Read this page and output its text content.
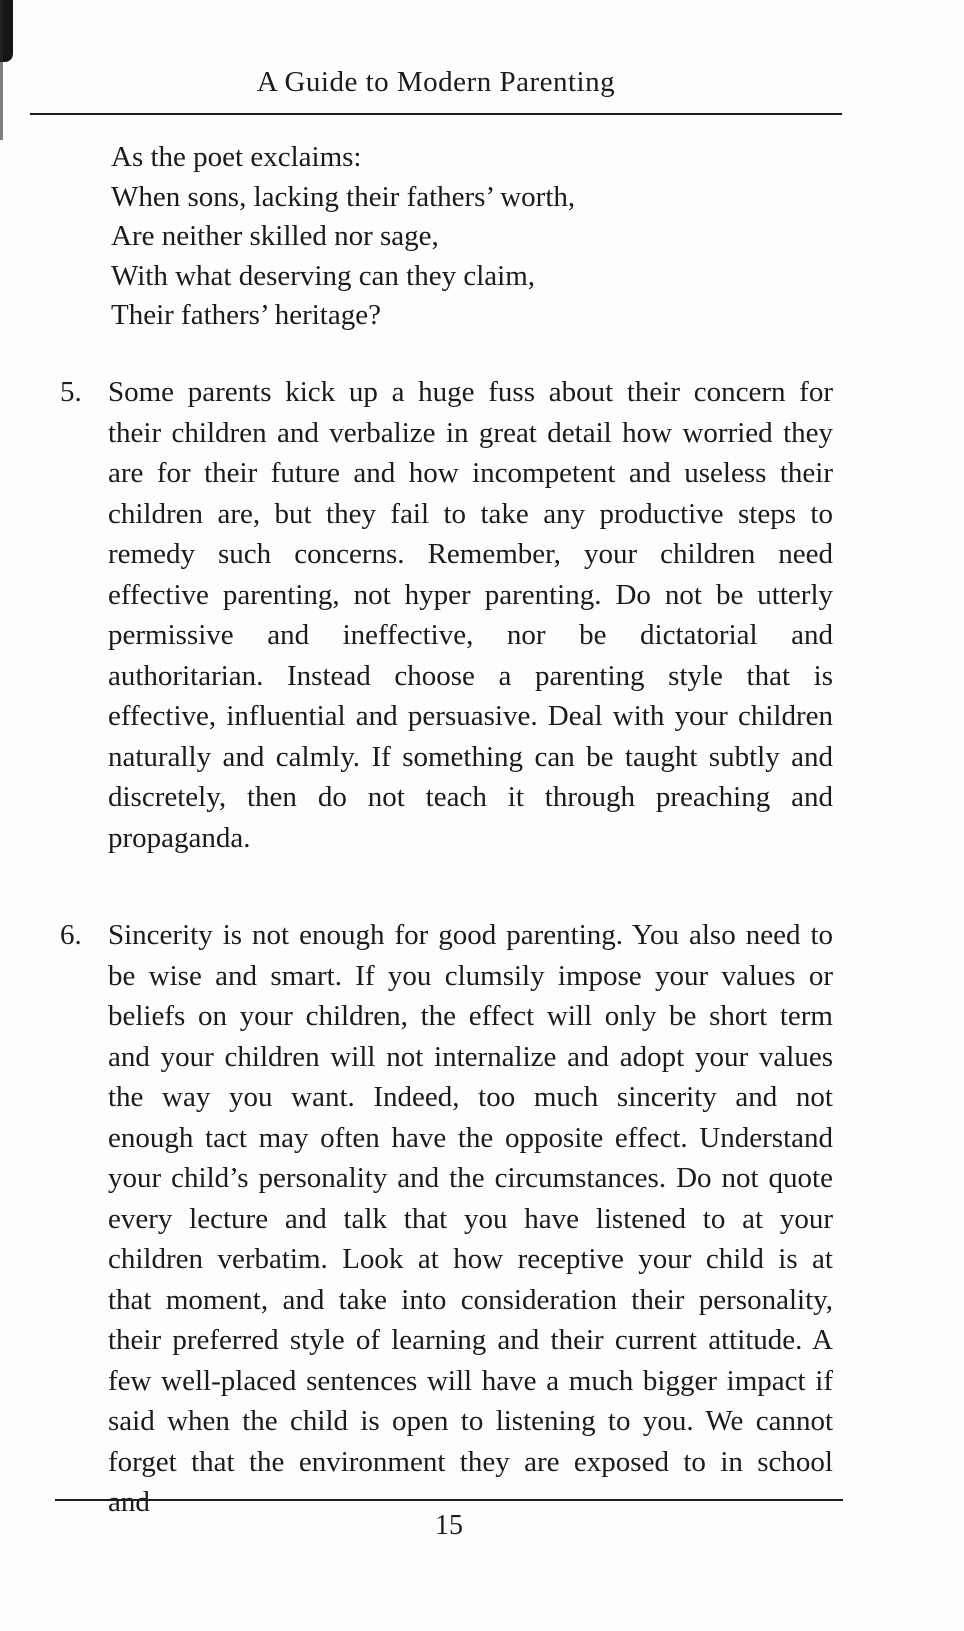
A Guide to Modern Parenting
As the poet exclaims:
When sons, lacking their fathers’ worth,
Are neither skilled nor sage,
With what deserving can they claim,
Their fathers’ heritage?
5. Some parents kick up a huge fuss about their concern for their children and verbalize in great detail how worried they are for their future and how incompetent and useless their children are, but they fail to take any productive steps to remedy such concerns. Remember, your children need effective parenting, not hyper parenting. Do not be utterly permissive and ineffective, nor be dictatorial and authoritarian. Instead choose a parenting style that is effective, influential and persuasive. Deal with your children naturally and calmly. If something can be taught subtly and discretely, then do not teach it through preaching and propaganda.
6. Sincerity is not enough for good parenting. You also need to be wise and smart. If you clumsily impose your values or beliefs on your children, the effect will only be short term and your children will not internalize and adopt your values the way you want. Indeed, too much sincerity and not enough tact may often have the opposite effect. Understand your child’s personality and the circumstances. Do not quote every lecture and talk that you have listened to at your children verbatim. Look at how receptive your child is at that moment, and take into consideration their personality, their preferred style of learning and their current attitude. A few well-placed sentences will have a much bigger impact if said when the child is open to listening to you. We cannot forget that the environment they are exposed to in school and
15
